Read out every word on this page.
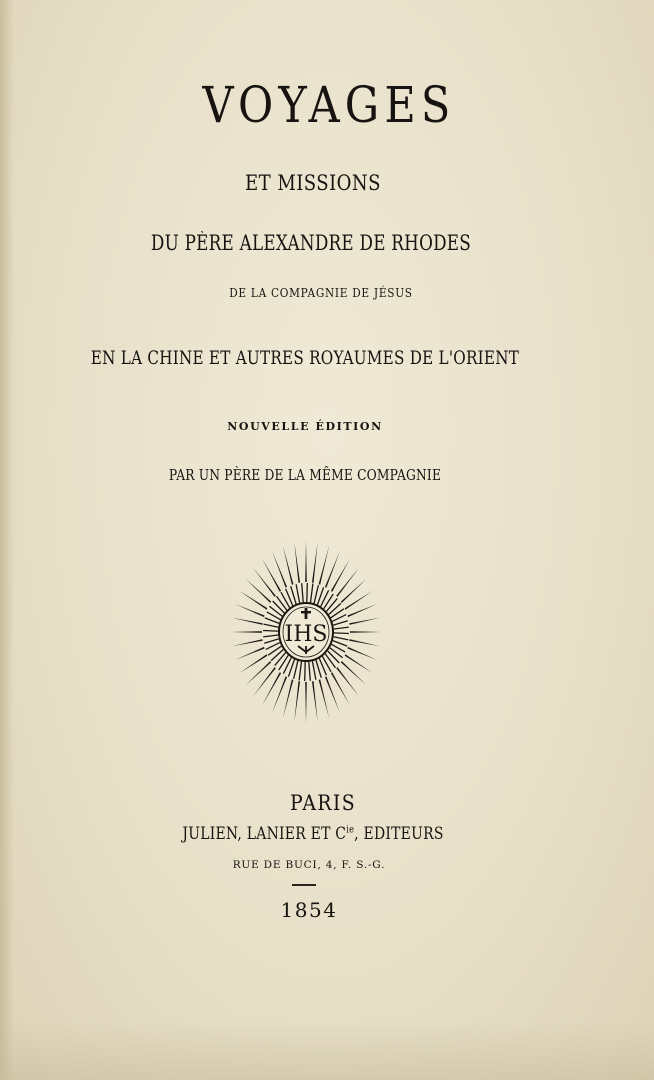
VOYAGES
ET MISSIONS
DU PÈRE ALEXANDRE DE RHODES
DE LA COMPAGNIE DE JÉSUS
EN LA CHINE ET AUTRES ROYAUMES DE L'ORIENT
NOUVELLE ÉDITION
PAR UN PÈRE DE LA MÊME COMPAGNIE
IHS
PARIS
JULIEN, LANIER ET $C^{ie}$, EDITEURS
RUE DE BUCI, 4, F. S.-G.
1854
